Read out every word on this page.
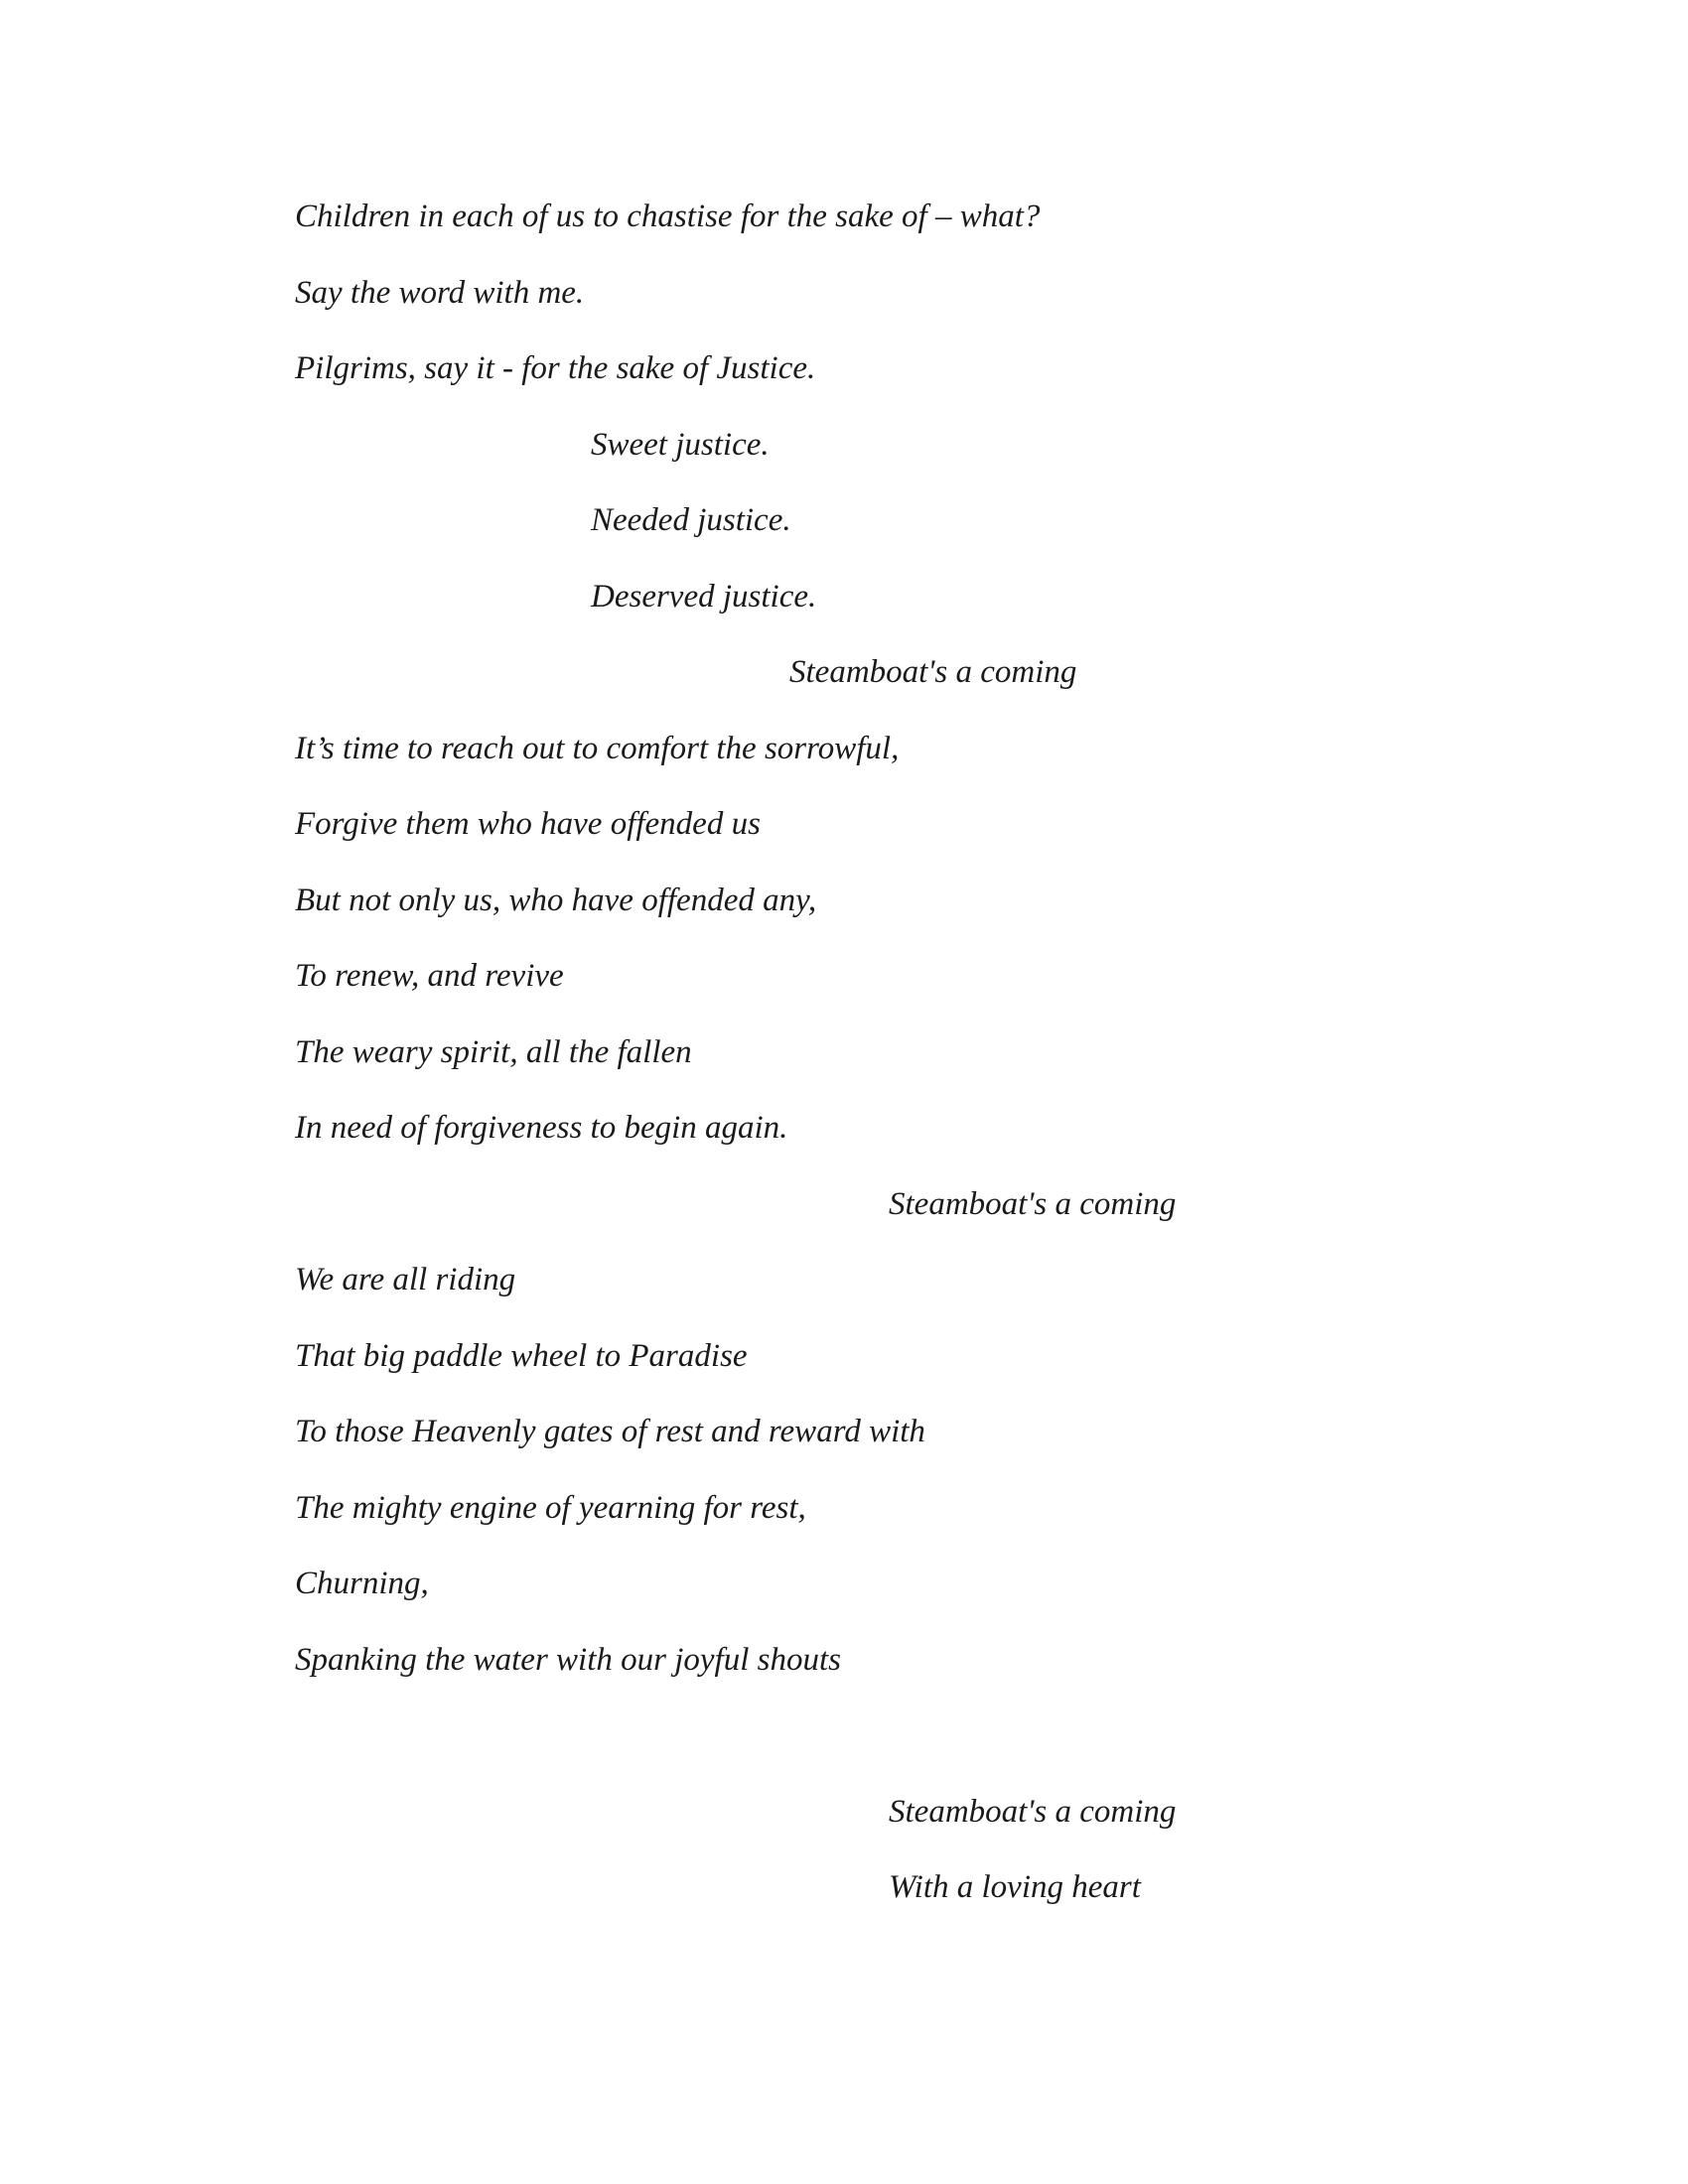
Children in each of us to chastise for the sake of – what?

Say the word with me.

Pilgrims, say it - for the sake of Justice.

Sweet justice.

Needed justice.

Deserved justice.

Steamboat's a coming

It’s time to reach out to comfort the sorrowful,

Forgive them who have offended us

But not only us, who have offended any,

To renew, and revive

The weary spirit, all the fallen

In need of forgiveness to begin again.

Steamboat's a coming

We are all riding

That big paddle wheel to Paradise

To those Heavenly gates of rest and reward with

The mighty engine of yearning for rest,

Churning,

Spanking the water with our joyful shouts

Steamboat's a coming

With a loving heart
